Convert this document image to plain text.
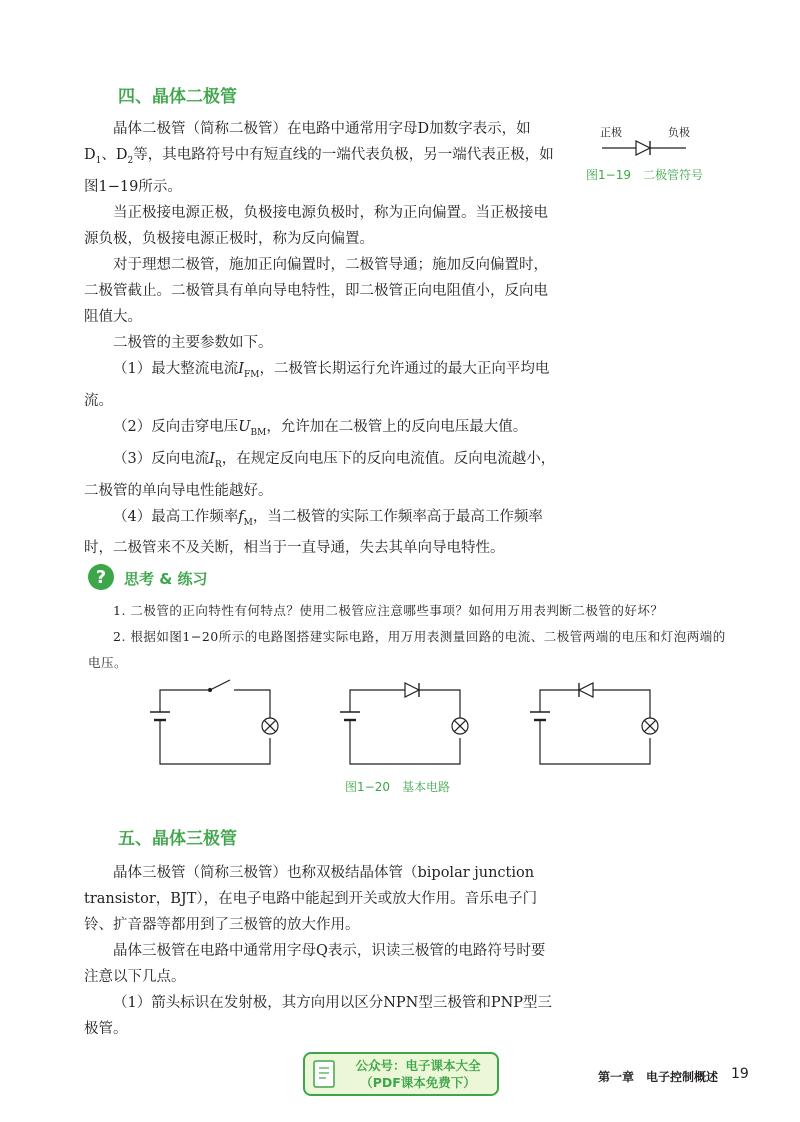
四、晶体二极管

晶体二极管（简称二极管）在电路中通常用字母D加数字表示，如$D_1$、$D_2$等，其电路符号中有短直线的一端代表负极，另一端代表正极，如图1−19所示。

当正极接电源正极，负极接电源负极时，称为正向偏置。当正极接电源负极，负极接电源正极时，称为反向偏置。

对于理想二极管，施加正向偏置时，二极管导通；施加反向偏置时，二极管截止。二极管具有单向导电特性，即二极管正向电阻值小，反向电阻值大。

二极管的主要参数如下。

（1）最大整流电流$I_{FM}$，二极管长期运行允许通过的最大正向平均电流。

（2）反向击穿电压$U_{BM}$，允许加在二极管上的反向电压最大值。

（3）反向电流$I_R$，在规定反向电压下的反向电流值。反向电流越小，二极管的单向导电性能越好。

（4）最高工作频率$f_M$，当二极管的实际工作频率高于最高工作频率时，二极管来不及关断，相当于一直导通，失去其单向导电特性。

正极	负极
图1−19　二极管符号
?	思考 & 练习

1. 二极管的正向特性有何特点？使用二极管应注意哪些事项？如何用万用表判断二极管的好坏？

2. 根据如图1−20所示的电路图搭建实际电路，用万用表测量回路的电流、二极管两端的电压和灯泡两端的电压。

图1−20　基本电路
五、晶体三极管

晶体三极管（简称三极管）也称双极结晶体管（bipolar junction transistor，BJT），在电子电路中能起到开关或放大作用。音乐电子门铃、扩音器等都用到了三极管的放大作用。

晶体三极管在电路中通常用字母Q表示，识读三极管的电路符号时要注意以下几点。

（1）箭头标识在发射极，其方向用以区分NPN型三极管和PNP型三极管。

公众号：电子课本大全
（PDF课本免费下）	第一章　电子控制概述 19
